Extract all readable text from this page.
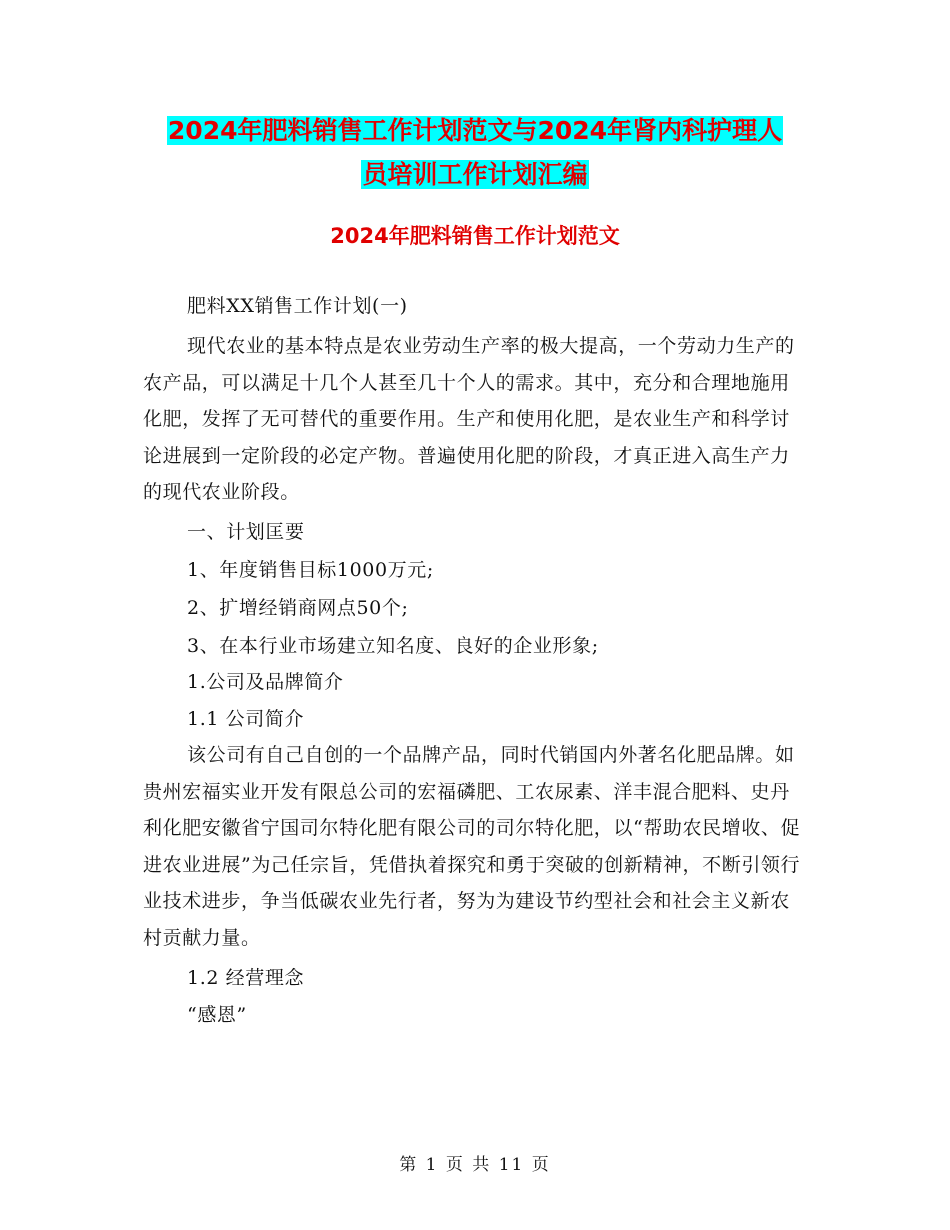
2024年肥料销售工作计划范文与2024年肾内科护理人
员培训工作计划汇编
2024年肥料销售工作计划范文

肥料XX销售工作计划(一)

现代农业的基本特点是农业劳动生产率的极大提高，一个劳动力生产的农产品，可以满足十几个人甚至几十个人的需求。其中，充分和合理地施用化肥，发挥了无可替代的重要作用。生产和使用化肥，是农业生产和科学讨论进展到一定阶段的必定产物。普遍使用化肥的阶段，才真正进入高生产力的现代农业阶段。

一、计划匡要

1、年度销售目标1000万元;

2、扩增经销商网点50个;

3、在本行业市场建立知名度、良好的企业形象;

1.公司及品牌简介

1.1 公司简介

该公司有自己自创的一个品牌产品，同时代销国内外著名化肥品牌。如贵州宏福实业开发有限总公司的宏福磷肥、工农尿素、洋丰混合肥料、史丹利化肥安徽省宁国司尔特化肥有限公司的司尔特化肥，以“帮助农民增收、促进农业进展”为己任宗旨，凭借执着探究和勇于突破的创新精神，不断引领行业技术进步，争当低碳农业先行者，努为为建设节约型社会和社会主义新农村贡献力量。

1.2 经营理念

“感恩”

第 1 页 共 11 页
